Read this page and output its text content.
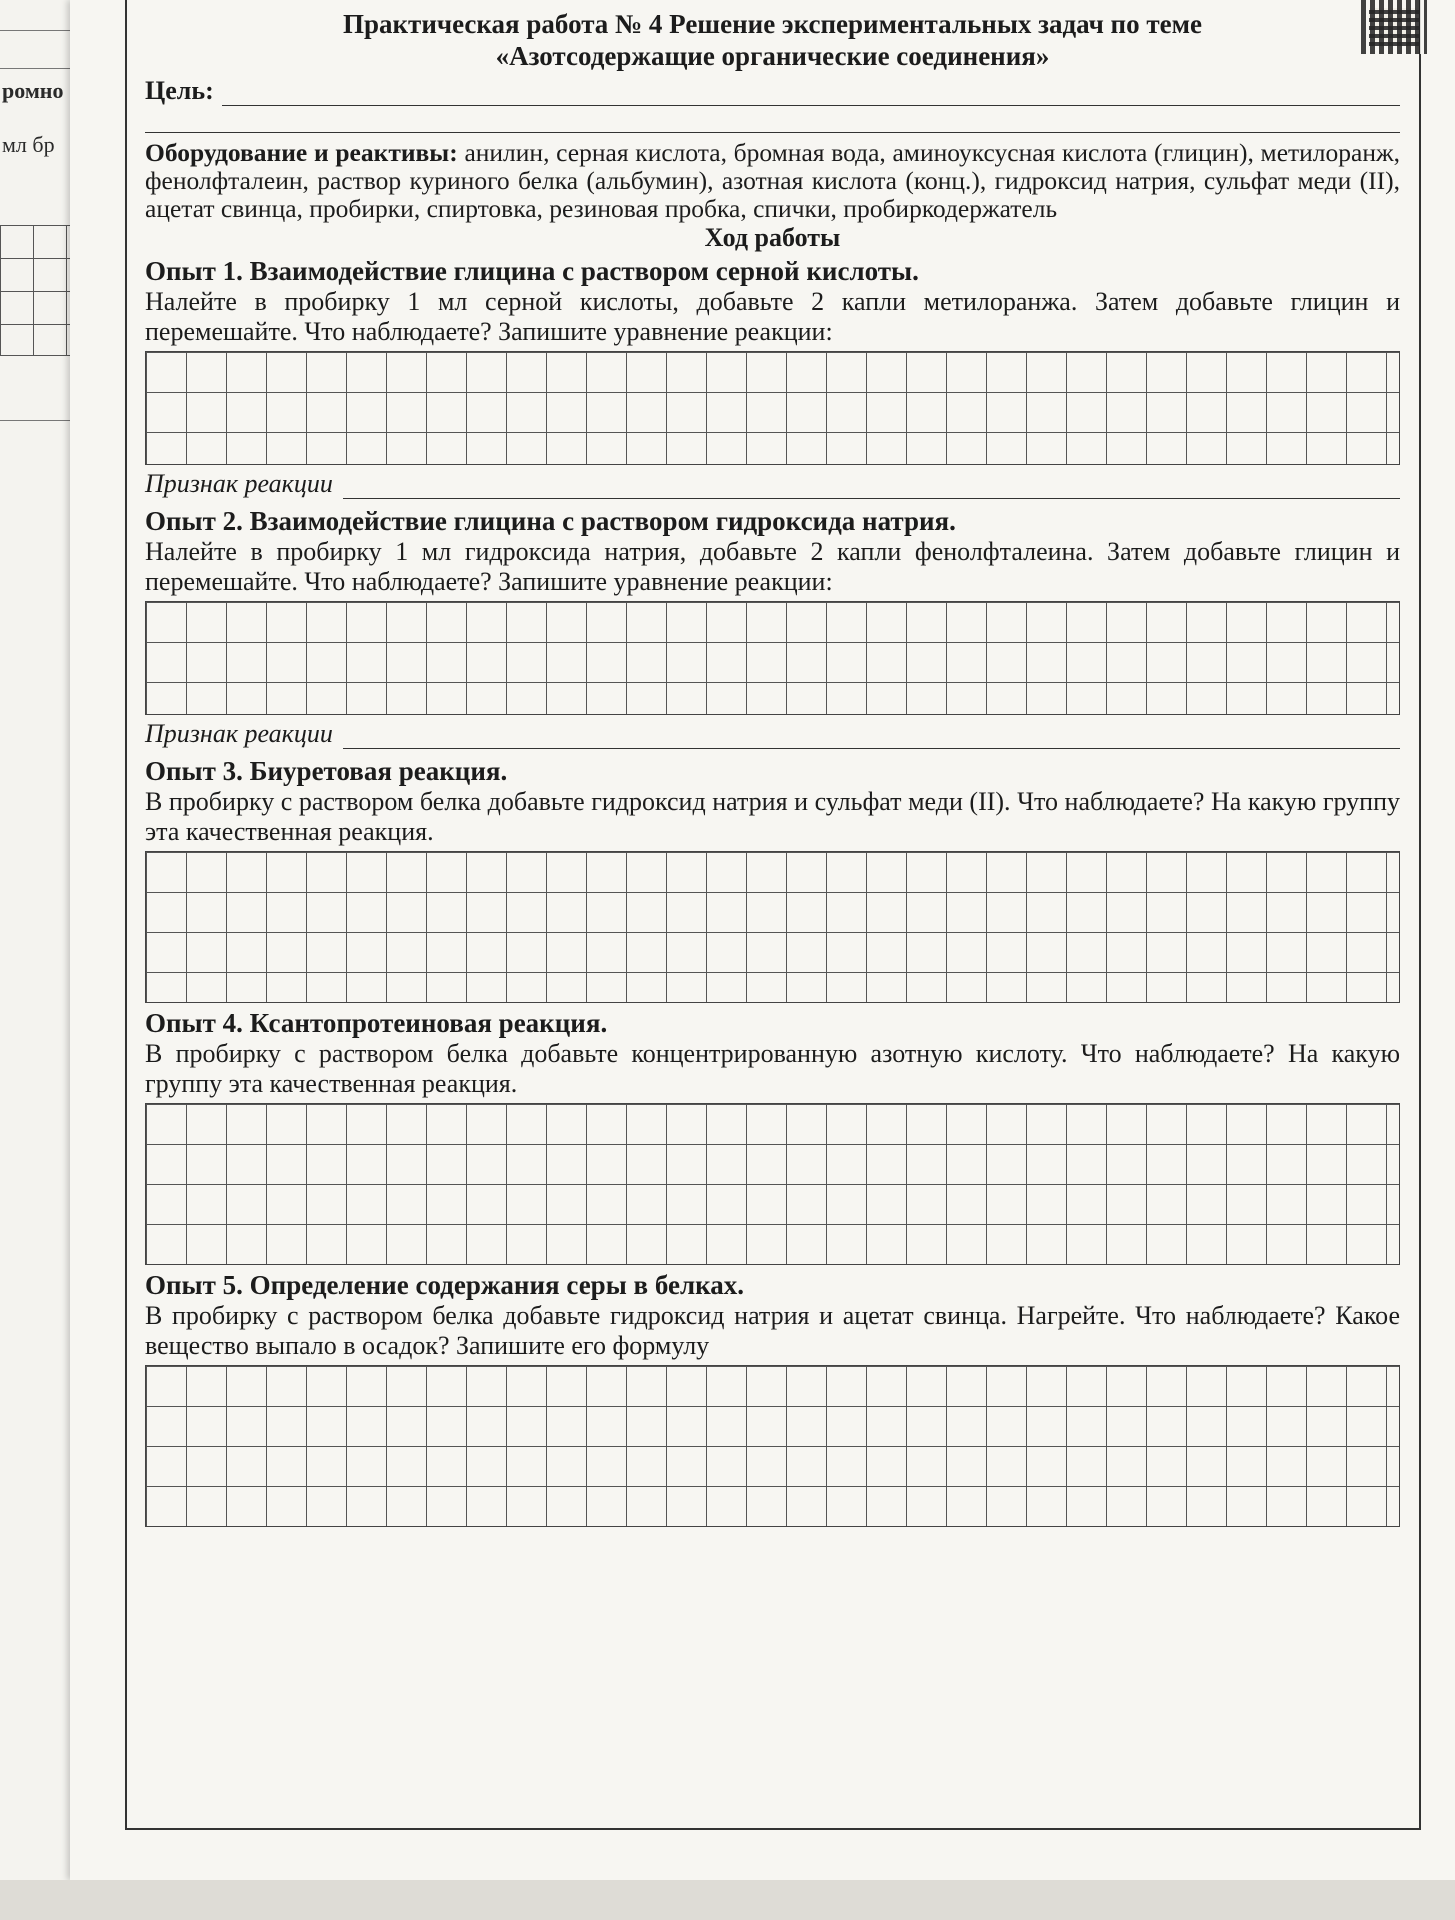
ромно
мл бр
Практическая работа № 4 Решение экспериментальных задач по теме
«Азотсодержащие органические соединения»
Цель:
Оборудование и реактивы: анилин, серная кислота, бромная вода, аминоуксусная кислота (глицин), метилоранж, фенолфталеин, раствор куриного белка (альбумин), азотная кислота (конц.), гидроксид натрия, сульфат меди (II), ацетат свинца, пробирки, спиртовка, резиновая пробка, спички, пробиркодержатель
Ход работы
Опыт 1. Взаимодействие глицина с раствором серной кислоты.
Налейте в пробирку 1 мл серной кислоты, добавьте 2 капли метилоранжа. Затем добавьте глицин и перемешайте. Что наблюдаете? Запишите уравнение реакции:
Признак реакции
Опыт 2. Взаимодействие глицина с раствором гидроксида натрия.
Налейте в пробирку 1 мл гидроксида натрия, добавьте 2 капли фенолфталеина. Затем добавьте глицин и перемешайте. Что наблюдаете? Запишите уравнение реакции:
Признак реакции
Опыт 3. Биуретовая реакция.
В пробирку с раствором белка добавьте гидроксид натрия и сульфат меди (II). Что наблюдаете? На какую группу эта качественная реакция.
Опыт 4. Ксантопротеиновая реакция.
В пробирку с раствором белка добавьте концентрированную азотную кислоту. Что наблюдаете? На какую группу эта качественная реакция.
Опыт 5. Определение содержания серы в белках.
В пробирку с раствором белка добавьте гидроксид натрия и ацетат свинца. Нагрейте. Что наблюдаете? Какое вещество выпало в осадок? Запишите его формулу
